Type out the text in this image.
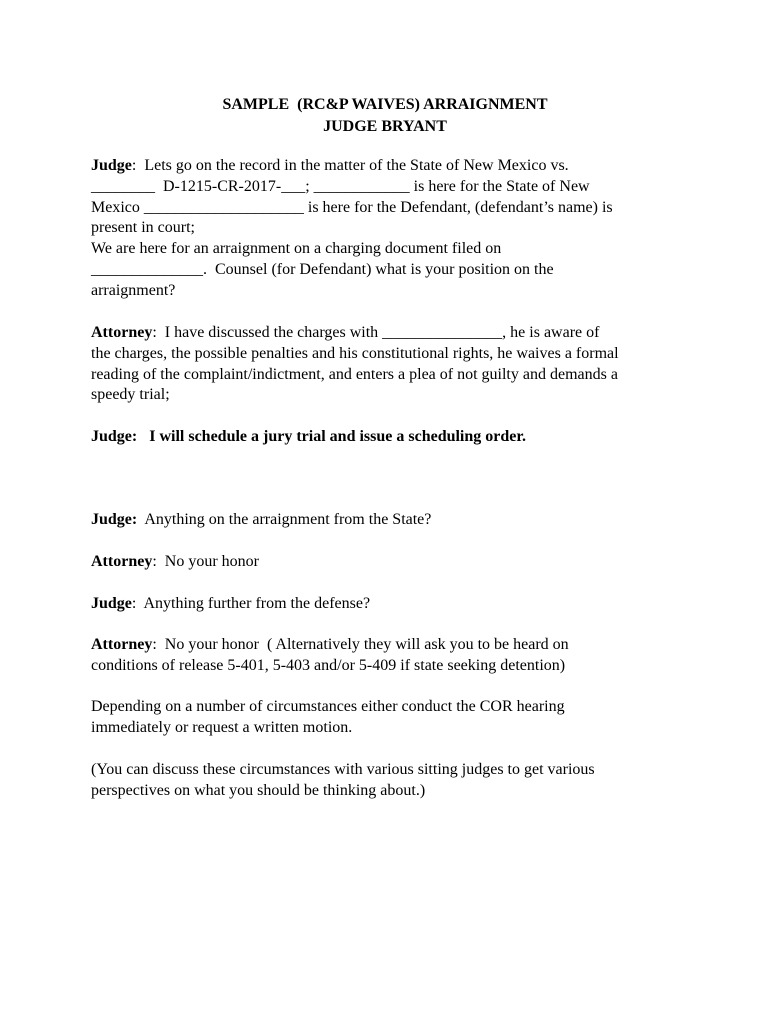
SAMPLE  (RC&P WAIVES) ARRAIGNMENT
JUDGE BRYANT
Judge:  Lets go on the record in the matter of the State of New Mexico vs.
________  D-1215-CR-2017-___; ____________ is here for the State of New
Mexico ____________________ is here for the Defendant, (defendant’s name) is
present in court;
We are here for an arraignment on a charging document filed on
______________.  Counsel (for Defendant) what is your position on the
arraignment?
Attorney:  I have discussed the charges with _______________, he is aware of
the charges, the possible penalties and his constitutional rights, he waives a formal
reading of the complaint/indictment, and enters a plea of not guilty and demands a
speedy trial;
Judge:   I will schedule a jury trial and issue a scheduling order.
Judge:  Anything on the arraignment from the State?
Attorney:  No your honor
Judge:  Anything further from the defense?
Attorney:  No your honor  ( Alternatively they will ask you to be heard on
conditions of release 5-401, 5-403 and/or 5-409 if state seeking detention)
Depending on a number of circumstances either conduct the COR hearing
immediately or request a written motion.
(You can discuss these circumstances with various sitting judges to get various
perspectives on what you should be thinking about.)
